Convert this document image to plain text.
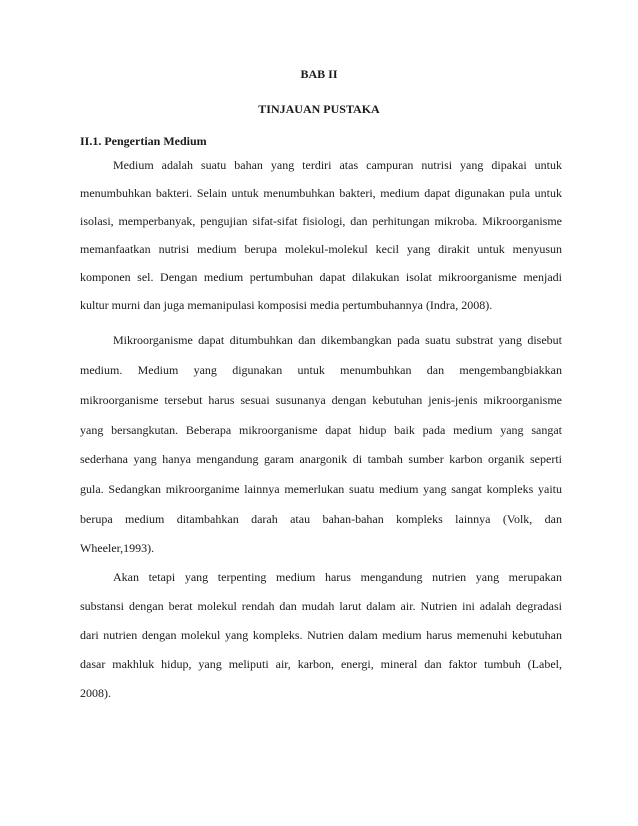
BAB II
TINJAUAN PUSTAKA
II.1. Pengertian Medium
Medium adalah suatu bahan yang terdiri atas campuran nutrisi yang dipakai untuk
menumbuhkan bakteri. Selain untuk menumbuhkan bakteri, medium dapat digunakan pula untuk
isolasi, memperbanyak, pengujian sifat-sifat fisiologi, dan perhitungan mikroba. Mikroorganisme
memanfaatkan nutrisi medium berupa molekul-molekul kecil yang dirakit untuk menyusun
komponen sel. Dengan medium pertumbuhan dapat dilakukan isolat mikroorganisme menjadi
kultur murni dan juga memanipulasi komposisi media pertumbuhannya (Indra, 2008).
Mikroorganisme dapat ditumbuhkan dan dikembangkan pada suatu substrat yang disebut
medium. Medium yang digunakan untuk menumbuhkan dan mengembangbiakkan
mikroorganisme tersebut harus sesuai susunanya dengan kebutuhan jenis-jenis mikroorganisme
yang bersangkutan. Beberapa mikroorganisme dapat hidup baik pada medium yang sangat
sederhana yang hanya mengandung garam anargonik di tambah sumber karbon organik seperti
gula. Sedangkan mikroorganime lainnya memerlukan suatu medium yang sangat kompleks yaitu
berupa medium ditambahkan darah atau bahan-bahan kompleks lainnya (Volk, dan
Wheeler,1993).
Akan tetapi yang terpenting medium harus mengandung nutrien yang merupakan
substansi dengan berat molekul rendah dan mudah larut dalam air. Nutrien ini adalah degradasi
dari nutrien dengan molekul yang kompleks. Nutrien dalam medium harus memenuhi kebutuhan
dasar makhluk hidup, yang meliputi air, karbon, energi, mineral dan faktor tumbuh (Label,
2008).
